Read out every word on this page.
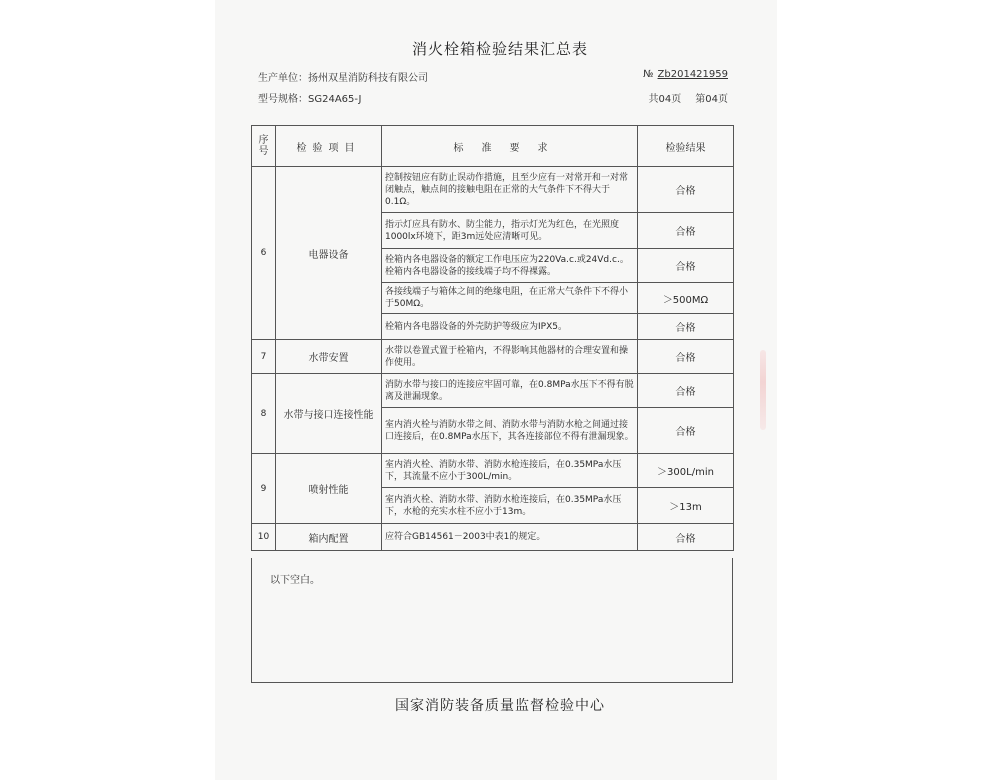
消火栓箱检验结果汇总表
生产单位：扬州双星消防科技有限公司
型号规格：SG24A65-J
№ Zb201421959
共04页 第04页
序
号	检验项目	标准要求	检验结果
6	电器设备	控制按钮应有防止误动作措施，且至少应有一对常开和一对常闭触点，触点间的接触电阻在正常的大气条件下不得大于0.1Ω。	合格
		指示灯应具有防水、防尘能力，指示灯光为红色，在光照度1000lx环境下，距3m远处应清晰可见。	合格
		栓箱内各电器设备的额定工作电压应为220Va.c.或24Vd.c.。栓箱内各电器设备的接线端子均不得裸露。	合格
		各接线端子与箱体之间的绝缘电阻，在正常大气条件下不得小于50MΩ。	＞500MΩ
		栓箱内各电器设备的外壳防护等级应为IPX5。	合格
7	水带安置	水带以卷置式置于栓箱内，不得影响其他器材的合理安置和操作使用。	合格
8	水带与接口连接性能	消防水带与接口的连接应牢固可靠，在0.8MPa水压下不得有脱离及泄漏现象。	合格
		室内消火栓与消防水带之间、消防水带与消防水枪之间通过接口连接后，在0.8MPa水压下，其各连接部位不得有泄漏现象。	合格
9	喷射性能	室内消火栓、消防水带、消防水枪连接后，在0.35MPa水压下，其流量不应小于300L/min。	＞300L/min
		室内消火栓、消防水带、消防水枪连接后，在0.35MPa水压下，水枪的充实水柱不应小于13m。	＞13m
10	箱内配置	应符合GB14561－2003中表1的规定。	合格
以下空白。
国家消防装备质量监督检验中心
